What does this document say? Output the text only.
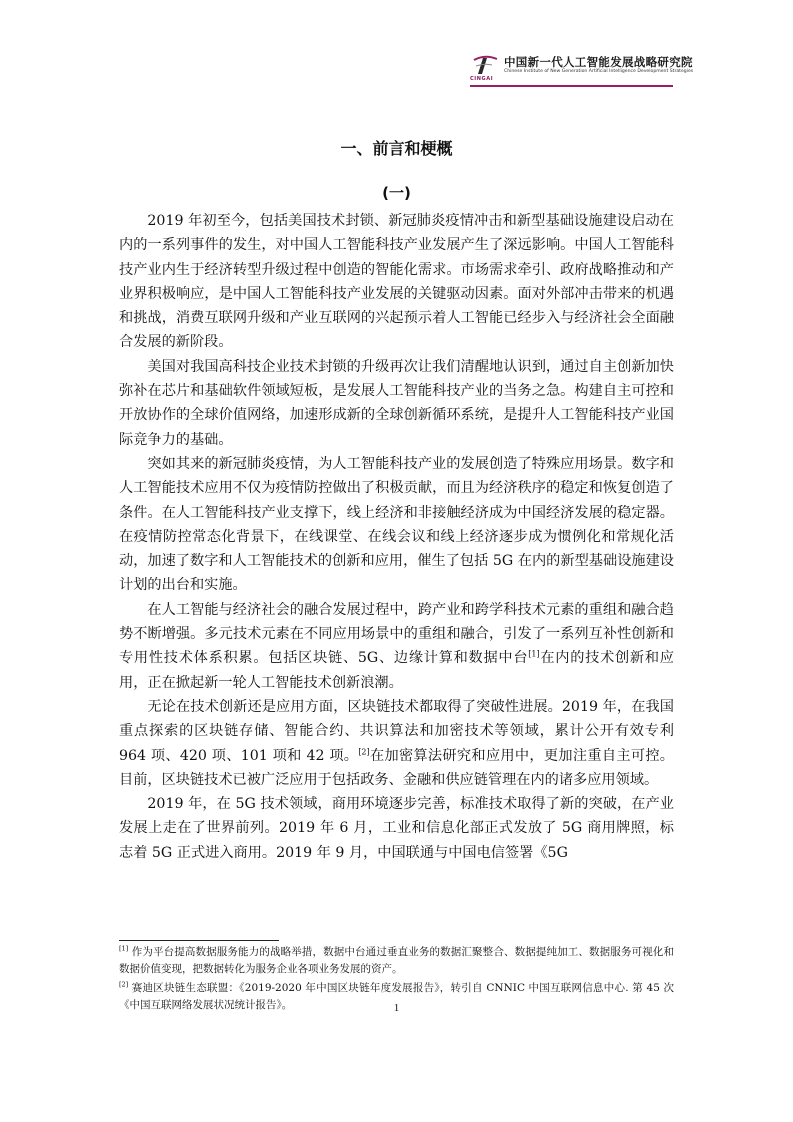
中国新一代人工智能发展战略研究院
Chinese Institute of New Generation Artificial Intelligence Development Strategies
CINGAI
一、前言和梗概
(一)

2019 年初至今，包括美国技术封锁、新冠肺炎疫情冲击和新型基础设施建设启动在内的一系列事件的发生，对中国人工智能科技产业发展产生了深远影响。中国人工智能科技产业内生于经济转型升级过程中创造的智能化需求。市场需求牵引、政府战略推动和产业界积极响应，是中国人工智能科技产业发展的关键驱动因素。面对外部冲击带来的机遇和挑战，消费互联网升级和产业互联网的兴起预示着人工智能已经步入与经济社会全面融合发展的新阶段。

美国对我国高科技企业技术封锁的升级再次让我们清醒地认识到，通过自主创新加快弥补在芯片和基础软件领域短板，是发展人工智能科技产业的当务之急。构建自主可控和开放协作的全球价值网络，加速形成新的全球创新循环系统，是提升人工智能科技产业国际竞争力的基础。

突如其来的新冠肺炎疫情，为人工智能科技产业的发展创造了特殊应用场景。数字和人工智能技术应用不仅为疫情防控做出了积极贡献，而且为经济秩序的稳定和恢复创造了条件。在人工智能科技产业支撑下，线上经济和非接触经济成为中国经济发展的稳定器。在疫情防控常态化背景下，在线课堂、在线会议和线上经济逐步成为惯例化和常规化活动，加速了数字和人工智能技术的创新和应用，催生了包括 5G 在内的新型基础设施建设计划的出台和实施。

在人工智能与经济社会的融合发展过程中，跨产业和跨学科技术元素的重组和融合趋势不断增强。多元技术元素在不同应用场景中的重组和融合，引发了一系列互补性创新和专用性技术体系积累。包括区块链、5G、边缘计算和数据中台[1]在内的技术创新和应用，正在掀起新一轮人工智能技术创新浪潮。

无论在技术创新还是应用方面，区块链技术都取得了突破性进展。2019 年，在我国重点探索的区块链存储、智能合约、共识算法和加密技术等领域，累计公开有效专利 964 项、420 项、101 项和 42 项。[2]在加密算法研究和应用中，更加注重自主可控。目前，区块链技术已被广泛应用于包括政务、金融和供应链管理在内的诸多应用领域。

2019 年，在 5G 技术领域，商用环境逐步完善，标准技术取得了新的突破，在产业发展上走在了世界前列。2019 年 6 月，工业和信息化部正式发放了 5G 商用牌照，标志着 5G 正式进入商用。2019 年 9 月，中国联通与中国电信签署《5G

[1] 作为平台提高数据服务能力的战略举措，数据中台通过垂直业务的数据汇聚整合、数据提纯加工、数据服务可视化和数据价值变现，把数据转化为服务企业各项业务发展的资产。

[2] 赛迪区块链生态联盟：《2019-2020 年中国区块链年度发展报告》，转引自 CNNIC 中国互联网信息中心. 第 45 次《中国互联网络发展状况统计报告》。	1
